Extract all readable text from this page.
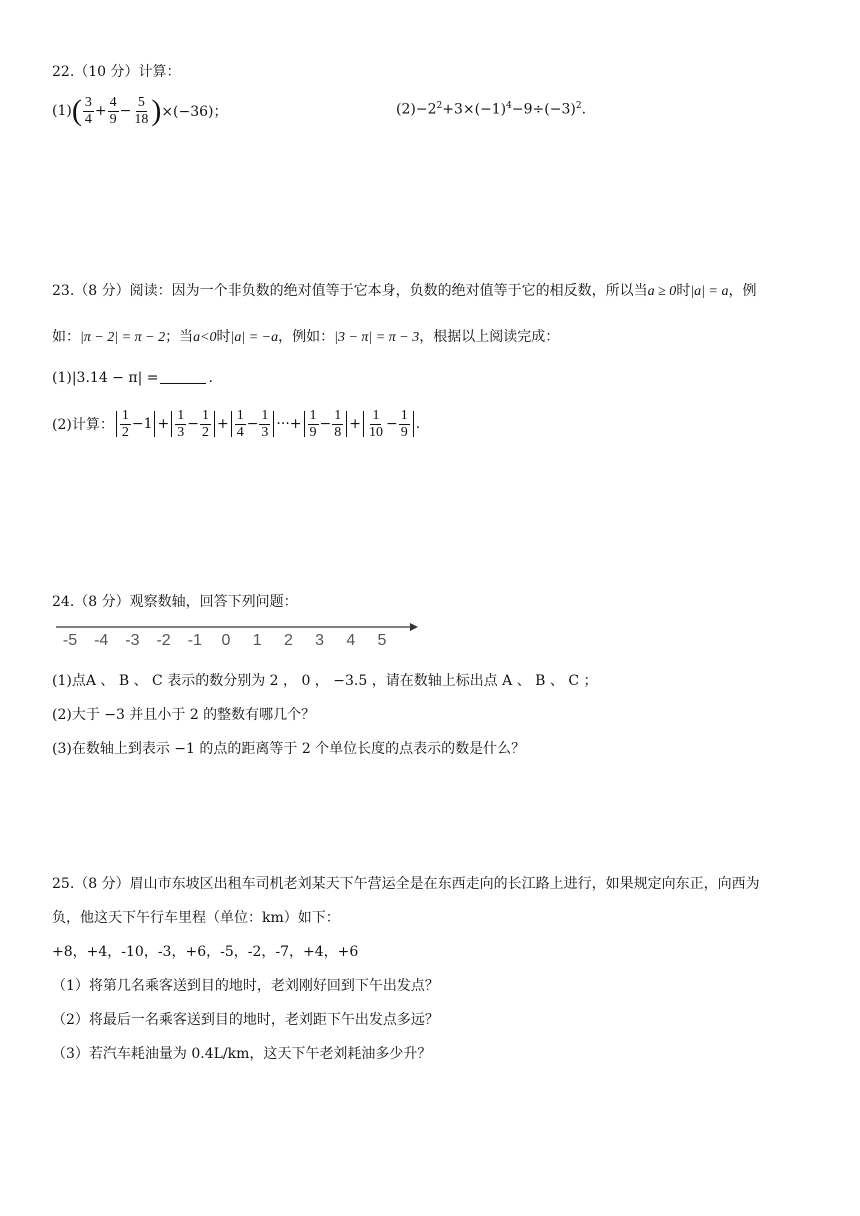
22.（10 分）计算：
(1) ( $\frac{3}{4} + \frac{4}{9} - \frac{5}{18}$ ) ×(−36)；	$(2)-2^2+3\times(-1)^4-9\div(-3)^2$.
23.（8 分）阅读：因为一个非负数的绝对值等于它本身，负数的绝对值等于它的相反数，所以当a ≥ 0时|a| = a，例
如：|π − 2| = π − 2；当a<0时|a| = −a，例如：|3 − π| = π − 3，根据以上阅读完成：
(1)|3.14 − π| =	.
(2)计算： $\frac{1}{2} -1 + \frac{1}{3} - \frac{1}{2} + \frac{1}{4} - \frac{1}{3}$ ··· + $\frac{1}{9} - \frac{1}{8} + \frac{1}{10} - \frac{1}{9}$ .
24.（8 分）观察数轴，回答下列问题：
-5 -4 -3 -2 -1 0 1 2 3 4 5
(1)点A 、 B 、 C 表示的数分别为 2 ， 0 ， −3.5 ，请在数轴上标出点 A 、 B 、 C ；
(2)大于 −3 并且小于 2 的整数有哪几个？
(3)在数轴上到表示 −1 的点的距离等于 2 个单位长度的点表示的数是什么？
25.（8 分）眉山市东坡区出租车司机老刘某天下午营运全是在东西走向的长江路上进行，如果规定向东正，向西为
负，他这天下午行车里程（单位：km）如下：
+8，+4，-10，-3，+6，-5，-2，-7，+4，+6
（1）将第几名乘客送到目的地时，老刘刚好回到下午出发点？
（2）将最后一名乘客送到目的地时，老刘距下午出发点多远？
（3）若汽车耗油量为 0.4L/km，这天下午老刘耗油多少升？
